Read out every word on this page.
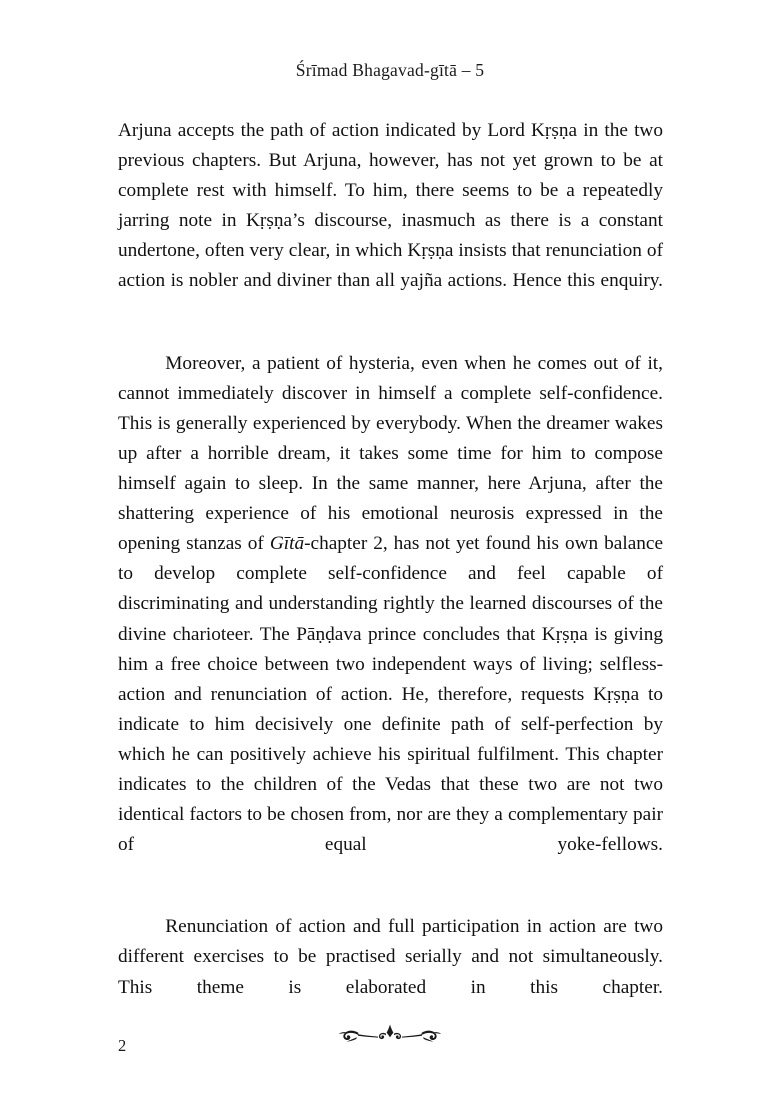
Śrīmad Bhagavad-gītā – 5

Arjuna accepts the path of action indicated by Lord Kṛṣṇa in the two previous chapters. But Arjuna, however, has not yet grown to be at complete rest with himself. To him, there seems to be a repeatedly jarring note in Kṛṣṇa’s discourse, inasmuch as there is a constant undertone, often very clear, in which Kṛṣṇa insists that renunciation of action is nobler and diviner than all yajña actions. Hence this enquiry.

Moreover, a patient of hysteria, even when he comes out of it, cannot immediately discover in himself a complete self-confidence. This is generally experienced by everybody. When the dreamer wakes up after a horrible dream, it takes some time for him to compose himself again to sleep. In the same manner, here Arjuna, after the shattering experience of his emotional neurosis expressed in the opening stanzas of Gītā-chapter 2, has not yet found his own balance to develop complete self-confidence and feel capable of discriminating and understanding rightly the learned discourses of the divine charioteer. The Pāṇḍava prince concludes that Kṛṣṇa is giving him a free choice between two independent ways of living; selfless-action and renunciation of action. He, therefore, requests Kṛṣṇa to indicate to him decisively one definite path of self-perfection by which he can positively achieve his spiritual fulfilment. This chapter indicates to the children of the Vedas that these two are not two identical factors to be chosen from, nor are they a complementary pair of equal yoke-fellows.

Renunciation of action and full participation in action are two different exercises to be practised serially and not simultaneously. This theme is elaborated in this chapter.

2
